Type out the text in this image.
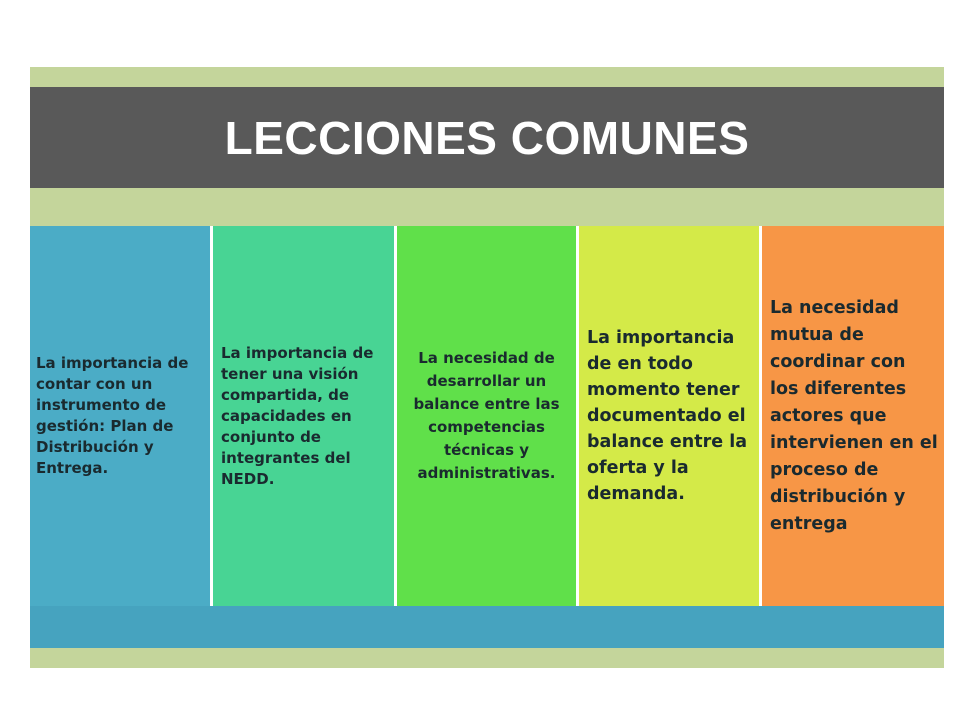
LECCIONES COMUNES
La importancia de contar con un instrumento de gestión: Plan de Distribución y Entrega.
La importancia de tener una visión compartida, de capacidades en conjunto de integrantes del NEDD.
La necesidad de desarrollar un balance entre las competencias técnicas y administrativas.
La importancia de en todo momento tener documentado el balance entre la oferta y la demanda.
La necesidad mutua de coordinar con los diferentes actores que intervienen en el proceso de distribución y entrega
